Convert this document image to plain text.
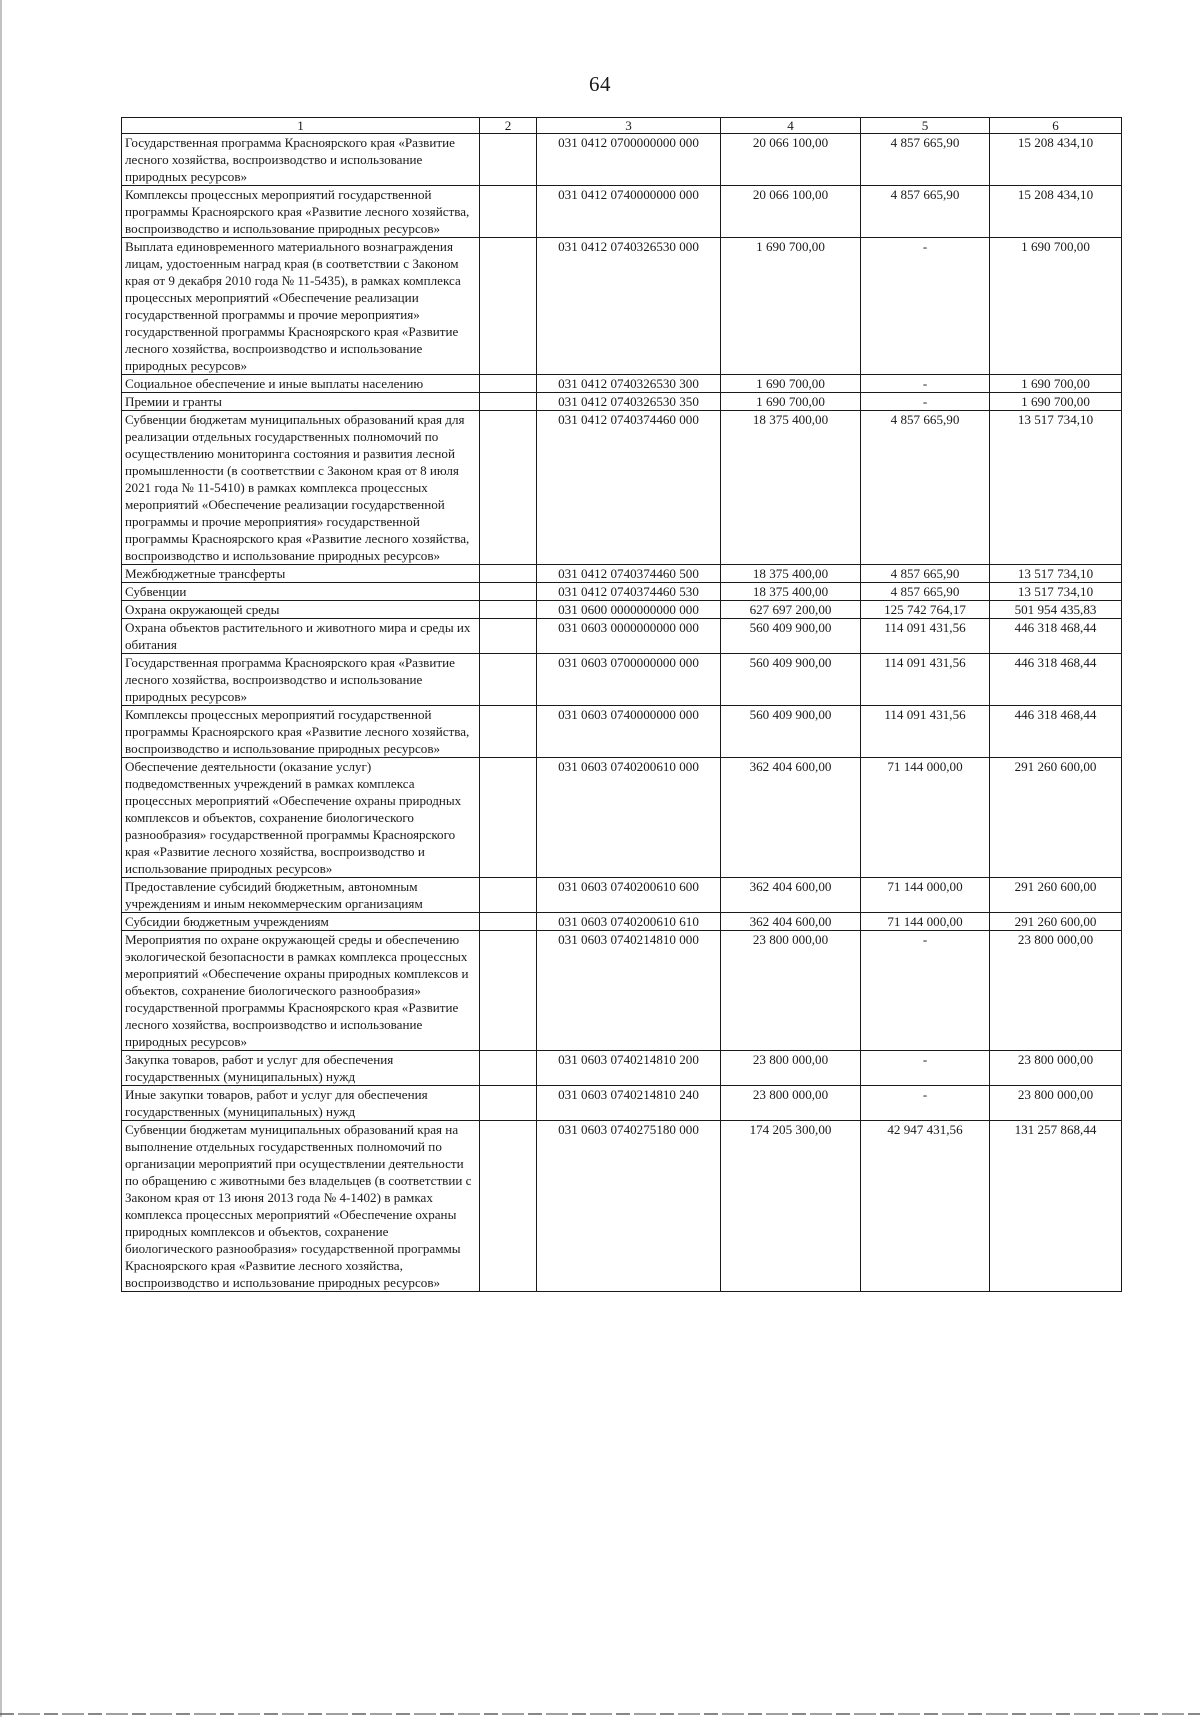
64
1	2	3	4	5	6
Государственная программа Красноярского края «Развитие лесного хозяйства, воспроизводство и использование природных ресурсов»		031 0412 0700000000 000	20 066 100,00	4 857 665,90	15 208 434,10
Комплексы процессных мероприятий государственной программы Красноярского края «Развитие лесного хозяйства, воспроизводство и использование природных ресурсов»		031 0412 0740000000 000	20 066 100,00	4 857 665,90	15 208 434,10
Выплата единовременного материального вознаграждения лицам, удостоенным наград края (в соответствии с Законом края от 9 декабря 2010 года № 11-5435), в рамках комплекса процессных мероприятий «Обеспечение реализации государственной программы и прочие мероприятия» государственной программы Красноярского края «Развитие лесного хозяйства, воспроизводство и использование природных ресурсов»		031 0412 0740326530 000	1 690 700,00	-	1 690 700,00
Социальное обеспечение и иные выплаты населению		031 0412 0740326530 300	1 690 700,00	-	1 690 700,00
Премии и гранты		031 0412 0740326530 350	1 690 700,00	-	1 690 700,00
Субвенции бюджетам муниципальных образований края для реализации отдельных государственных полномочий по осуществлению мониторинга состояния и развития лесной промышленности (в соответствии с Законом края от 8 июля 2021 года № 11-5410) в рамках комплекса процессных мероприятий «Обеспечение реализации государственной программы и прочие мероприятия» государственной программы Красноярского края «Развитие лесного хозяйства, воспроизводство и использование природных ресурсов»		031 0412 0740374460 000	18 375 400,00	4 857 665,90	13 517 734,10
Межбюджетные трансферты		031 0412 0740374460 500	18 375 400,00	4 857 665,90	13 517 734,10
Субвенции		031 0412 0740374460 530	18 375 400,00	4 857 665,90	13 517 734,10
Охрана окружающей среды		031 0600 0000000000 000	627 697 200,00	125 742 764,17	501 954 435,83
Охрана объектов растительного и животного мира и среды их обитания		031 0603 0000000000 000	560 409 900,00	114 091 431,56	446 318 468,44
Государственная программа Красноярского края «Развитие лесного хозяйства, воспроизводство и использование природных ресурсов»		031 0603 0700000000 000	560 409 900,00	114 091 431,56	446 318 468,44
Комплексы процессных мероприятий государственной программы Красноярского края «Развитие лесного хозяйства, воспроизводство и использование природных ресурсов»		031 0603 0740000000 000	560 409 900,00	114 091 431,56	446 318 468,44
Обеспечение деятельности (оказание услуг) подведомственных учреждений в рамках комплекса процессных мероприятий «Обеспечение охраны природных комплексов и объектов, сохранение биологического разнообразия» государственной программы Красноярского края «Развитие лесного хозяйства, воспроизводство и использование природных ресурсов»		031 0603 0740200610 000	362 404 600,00	71 144 000,00	291 260 600,00
Предоставление субсидий бюджетным, автономным учреждениям и иным некоммерческим организациям		031 0603 0740200610 600	362 404 600,00	71 144 000,00	291 260 600,00
Субсидии бюджетным учреждениям		031 0603 0740200610 610	362 404 600,00	71 144 000,00	291 260 600,00
Мероприятия по охране окружающей среды и обеспечению экологической безопасности в рамках комплекса процессных мероприятий «Обеспечение охраны природных комплексов и объектов, сохранение биологического разнообразия» государственной программы Красноярского края «Развитие лесного хозяйства, воспроизводство и использование природных ресурсов»		031 0603 0740214810 000	23 800 000,00	-	23 800 000,00
Закупка товаров, работ и услуг для обеспечения государственных (муниципальных) нужд		031 0603 0740214810 200	23 800 000,00	-	23 800 000,00
Иные закупки товаров, работ и услуг для обеспечения государственных (муниципальных) нужд		031 0603 0740214810 240	23 800 000,00	-	23 800 000,00
Субвенции бюджетам муниципальных образований края на выполнение отдельных государственных полномочий по организации мероприятий при осуществлении деятельности по обращению с животными без владельцев (в соответствии с Законом края от 13 июня 2013 года № 4-1402) в рамках комплекса процессных мероприятий «Обеспечение охраны природных комплексов и объектов, сохранение биологического разнообразия» государственной программы Красноярского края «Развитие лесного хозяйства, воспроизводство и использование природных ресурсов»		031 0603 0740275180 000	174 205 300,00	42 947 431,56	131 257 868,44
